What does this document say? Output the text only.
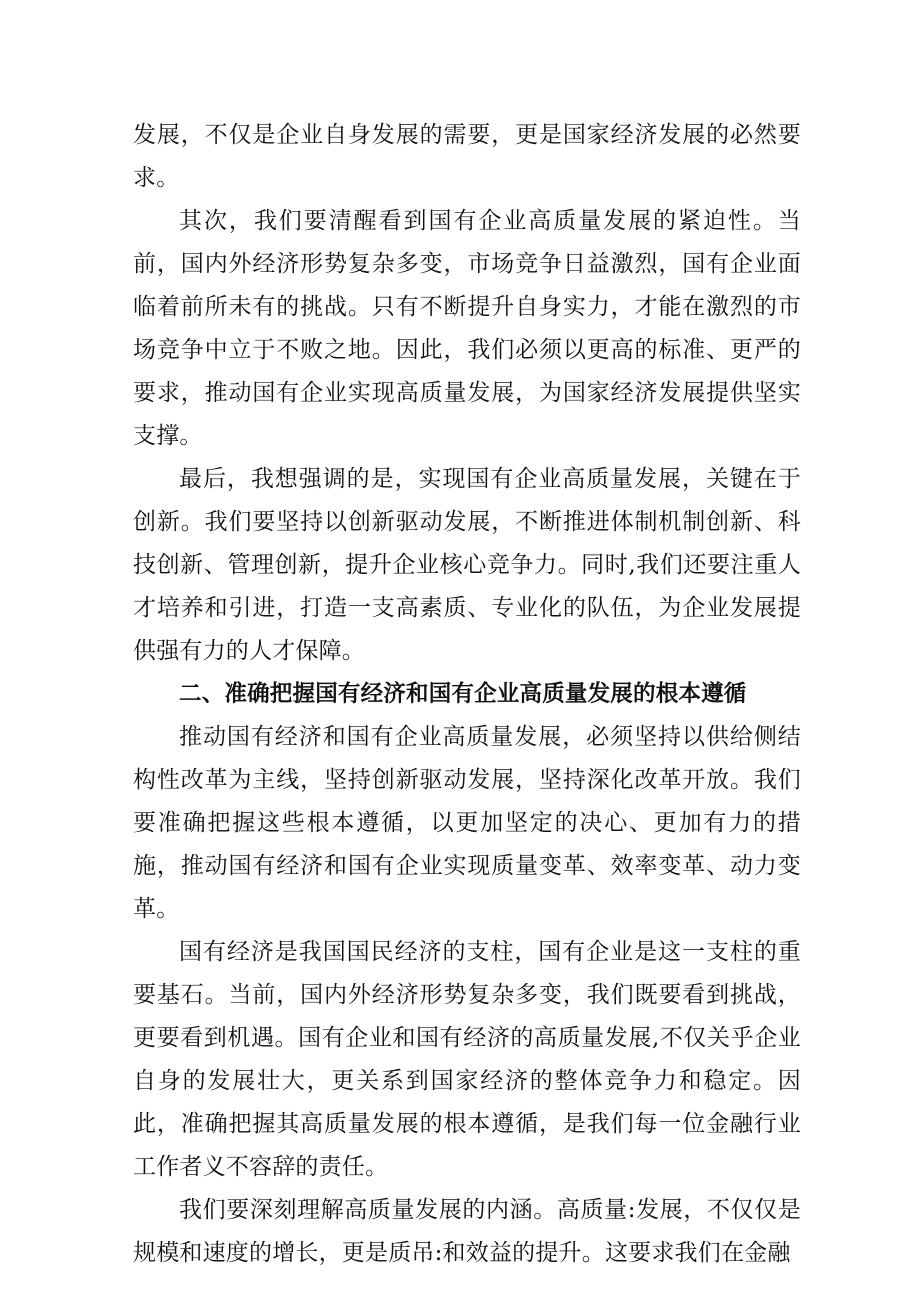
发展，不仅是企业自身发展的需要，更是国家经济发展的必然要求。

其次，我们要清醒看到国有企业高质量发展的紧迫性。当前，国内外经济形势复杂多变，市场竞争日益激烈，国有企业面临着前所未有的挑战。只有不断提升自身实力，才能在激烈的市场竞争中立于不败之地。因此，我们必须以更高的标准、更严的要求，推动国有企业实现高质量发展，为国家经济发展提供坚实支撑。

最后，我想强调的是，实现国有企业高质量发展，关键在于创新。我们要坚持以创新驱动发展，不断推进体制机制创新、科技创新、管理创新，提升企业核心竞争力。同时,我们还要注重人才培养和引进，打造一支高素质、专业化的队伍，为企业发展提供强有力的人才保障。

二、准确把握国有经济和国有企业高质量发展的根本遵循

推动国有经济和国有企业高质量发展，必须坚持以供给侧结构性改革为主线，坚持创新驱动发展，坚持深化改革开放。我们要准确把握这些根本遵循，以更加坚定的决心、更加有力的措施，推动国有经济和国有企业实现质量变革、效率变革、动力变革。

国有经济是我国国民经济的支柱，国有企业是这一支柱的重要基石。当前，国内外经济形势复杂多变，我们既要看到挑战，更要看到机遇。国有企业和国有经济的高质量发展,不仅关乎企业自身的发展壮大，更关系到国家经济的整体竞争力和稳定。因此，准确把握其高质量发展的根本遵循，是我们每一位金融行业工作者义不容辞的责任。

我们要深刻理解高质量发展的内涵。高质量:发展，不仅仅是规模和速度的增长，更是质吊:和效益的提升。这要求我们在金融
